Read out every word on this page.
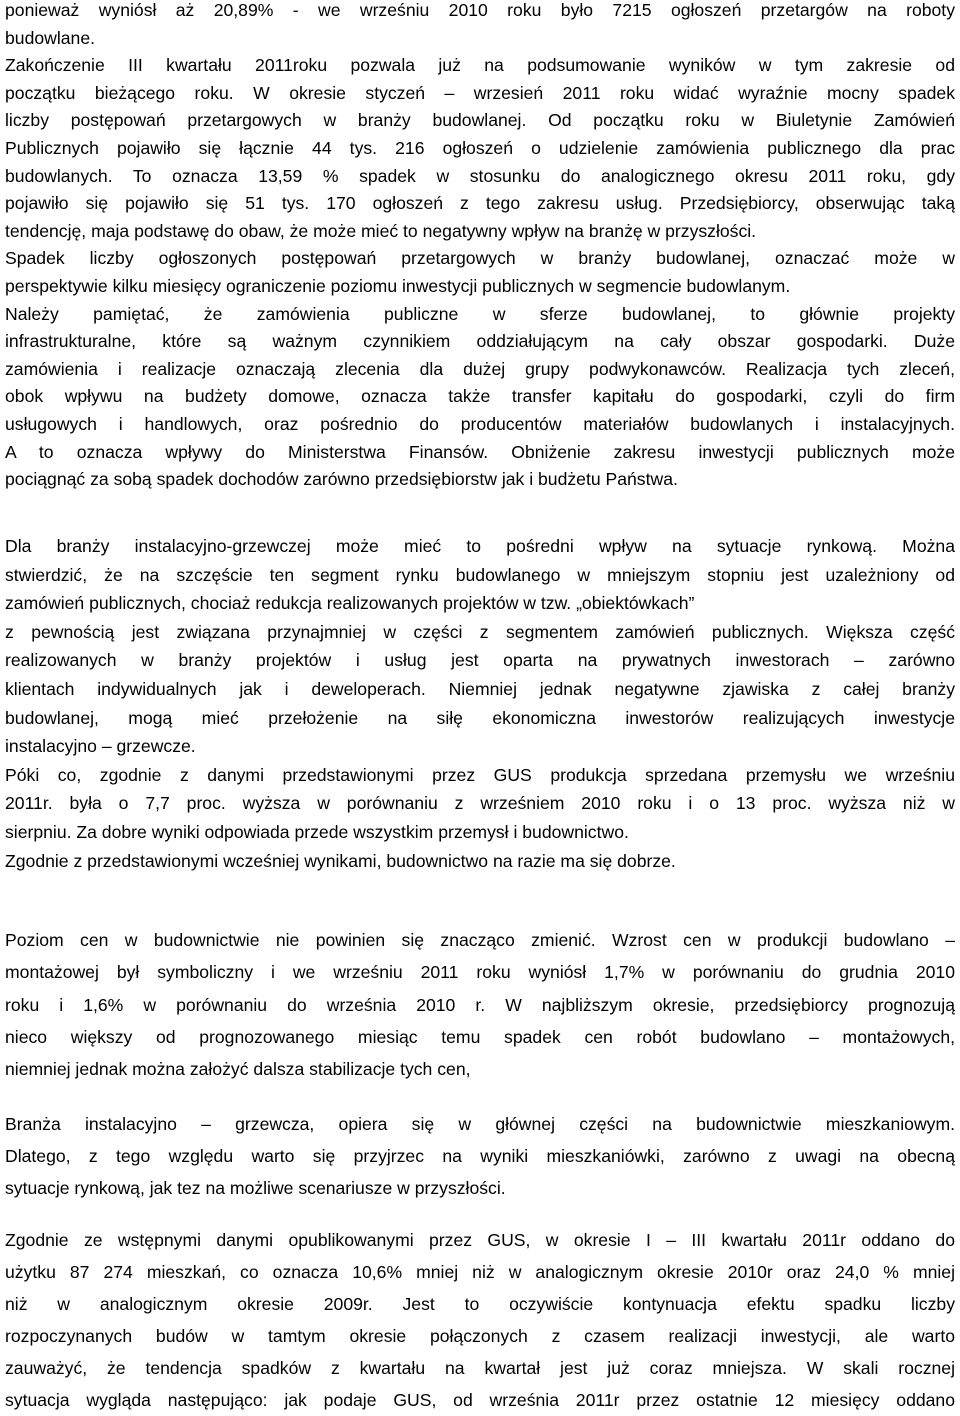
ponieważ wyniósł aż 20,89% - we wrześniu 2010 roku było 7215 ogłoszeń przetargów na roboty
budowlane.
Zakończenie III kwartału 2011roku pozwala już na podsumowanie wyników w tym zakresie od
początku bieżącego roku. W okresie styczeń – wrzesień 2011 roku widać wyraźnie mocny spadek
liczby postępowań przetargowych w branży budowlanej. Od początku roku w Biuletynie Zamówień
Publicznych pojawiło się łącznie 44 tys. 216 ogłoszeń o udzielenie zamówienia publicznego dla prac
budowlanych. To oznacza 13,59 % spadek w stosunku do analogicznego okresu 2011 roku, gdy
pojawiło się pojawiło się 51 tys. 170 ogłoszeń z tego zakresu usług. Przedsiębiorcy, obserwując taką
tendencję, maja podstawę do obaw, że może mieć to negatywny wpływ na branżę w przyszłości.
Spadek liczby ogłoszonych postępowań przetargowych w branży budowlanej, oznaczać może w
perspektywie kilku miesięcy ograniczenie poziomu inwestycji publicznych w segmencie budowlanym.
Należy pamiętać, że zamówienia publiczne w sferze budowlanej, to głównie projekty
infrastrukturalne, które są ważnym czynnikiem oddziałującym na cały obszar gospodarki. Duże
zamówienia i realizacje oznaczają zlecenia dla dużej grupy podwykonawców. Realizacja tych zleceń,
obok wpływu na budżety domowe, oznacza także transfer kapitału do gospodarki, czyli do firm
usługowych i handlowych, oraz pośrednio do producentów materiałów budowlanych i instalacyjnych.
A to oznacza wpływy do Ministerstwa Finansów. Obniżenie zakresu inwestycji publicznych może
pociągnąć za sobą spadek dochodów zarówno przedsiębiorstw jak i budżetu Państwa.
Dla branży instalacyjno-grzewczej może mieć to pośredni wpływ na sytuacje rynkową. Można
stwierdzić, że na szczęście ten segment rynku budowlanego w mniejszym stopniu jest uzależniony od
zamówień publicznych, chociaż redukcja realizowanych projektów w tzw. „obiektówkach”
z pewnością jest związana przynajmniej w części z segmentem zamówień publicznych. Większa część
realizowanych w branży projektów i usług jest oparta na prywatnych inwestorach – zarówno
klientach indywidualnych jak i deweloperach. Niemniej jednak negatywne zjawiska z całej branży
budowlanej, mogą mieć przełożenie na siłę ekonomiczna inwestorów realizujących inwestycje
instalacyjno – grzewcze.
Póki co, zgodnie z danymi przedstawionymi przez GUS produkcja sprzedana przemysłu we wrześniu
2011r. była o 7,7 proc. wyższa w porównaniu z wrześniem 2010 roku i o 13 proc. wyższa niż w
sierpniu. Za dobre wyniki odpowiada przede wszystkim przemysł i budownictwo.
Zgodnie z przedstawionymi wcześniej wynikami, budownictwo na razie ma się dobrze.
Poziom cen w budownictwie nie powinien się znacząco zmienić. Wzrost cen w produkcji budowlano –
montażowej był symboliczny i we wrześniu 2011 roku wyniósł 1,7% w porównaniu do grudnia 2010
roku i 1,6% w porównaniu do września 2010 r. W najbliższym okresie, przedsiębiorcy prognozują
nieco większy od prognozowanego miesiąc temu spadek cen robót budowlano – montażowych,
niemniej jednak można założyć dalsza stabilizacje tych cen,
Branża instalacyjno – grzewcza, opiera się w głównej części na budownictwie mieszkaniowym.
Dlatego, z tego względu warto się przyjrzec na wyniki mieszkaniówki, zarówno z uwagi na obecną
sytuacje rynkową, jak tez na możliwe scenariusze w przyszłości.
Zgodnie ze wstępnymi danymi opublikowanymi przez GUS, w okresie I – III kwartału 2011r oddano do
użytku 87 274 mieszkań, co oznacza 10,6% mniej niż w analogicznym okresie 2010r oraz 24,0 % mniej
niż w analogicznym okresie 2009r. Jest to oczywiście kontynuacja efektu spadku liczby
rozpoczynanych budów w tamtym okresie połączonych z czasem realizacji inwestycji, ale warto
zauważyć, że tendencja spadków z kwartału na kwartał jest już coraz mniejsza. W skali rocznej
sytuacja wygląda następująco: jak podaje GUS, od września 2011r przez ostatnie 12 miesięcy oddano
